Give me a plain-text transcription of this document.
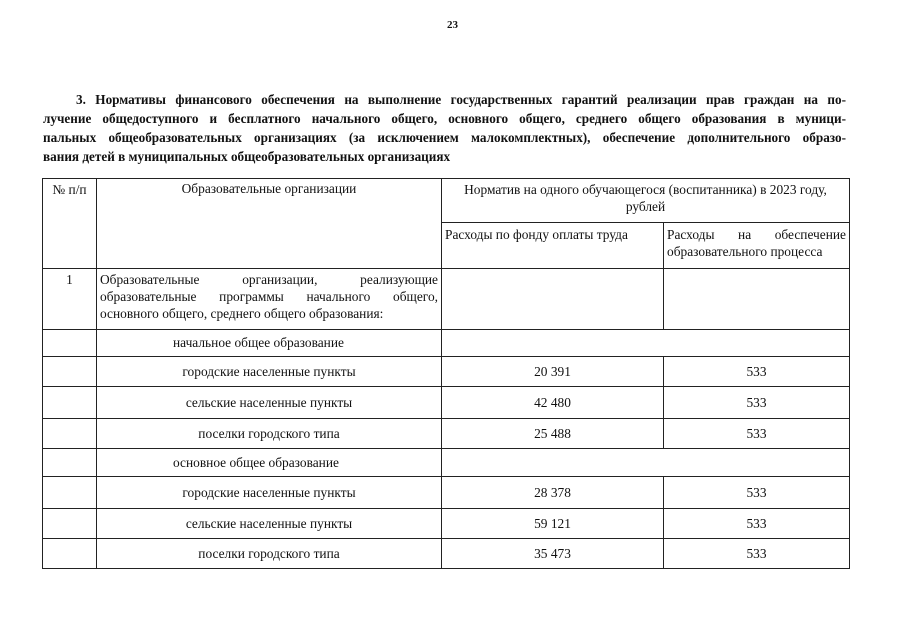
23
3. Нормативы финансового обеспечения на выполнение государственных гарантий реализации прав граждан на по-
лучение общедоступного и бесплатного начального общего, основного общего, среднего общего образования в муници-
пальных общеобразовательных организациях (за исключением малокомплектных), обеспечение дополнительного образо-
вания детей в муниципальных общеобразовательных организациях
№ п/п	Образовательные организации	Норматив на одного обучающегося (воспитанника) в 2023 году, рублей	
		Расходы по фонду оплаты труда	Расходы на обеспечение образовательного процесса
1	Образовательные организации, реализующие образовательные программы начального общего, основного общего, среднего общего образования:		
	начальное общее образование		
	городские населенные пункты	20 391	533
	сельские населенные пункты	42 480	533
	поселки городского типа	25 488	533
	основное общее образование		
	городские населенные пункты	28 378	533
	сельские населенные пункты	59 121	533
	поселки городского типа	35 473	533
